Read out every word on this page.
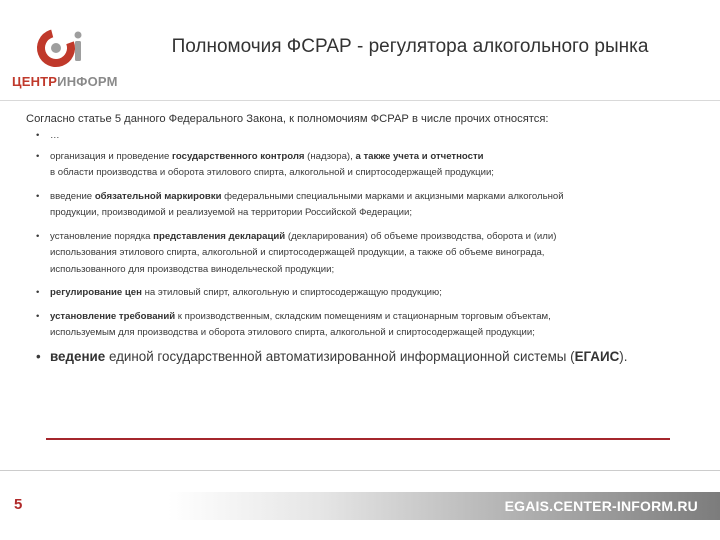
ЦЕНТРИНФОРМ
Полномочия ФСРАР - регулятора алкогольного рынка
Согласно статье 5 данного Федерального Закона, к полномочиям ФСРАР в числе прочих относятся:
• …
• организация и проведение государственного контроля (надзора), а также учета и отчетности
в области производства и оборота этилового спирта, алкогольной и спиртосодержащей продукции;
• введение обязательной маркировки федеральными специальными марками и акцизными марками алкогольной
продукции, производимой и реализуемой на территории Российской Федерации;
• установление порядка представления деклараций (декларирования) об объеме производства, оборота и (или)
использования этилового спирта, алкогольной и спиртосодержащей продукции, а также об объеме винограда,
использованного для производства винодельческой продукции;
• регулирование цен на этиловый спирт, алкогольную и спиртосодержащую продукцию;
• установление требований к производственным, складским помещениям и стационарным торговым объектам,
используемым для производства и оборота этилового спирта, алкогольной и спиртосодержащей продукции;
• ведение единой государственной автоматизированной информационной системы (ЕГАИС).
5	EGAIS.CENTER-INFORM.RU
